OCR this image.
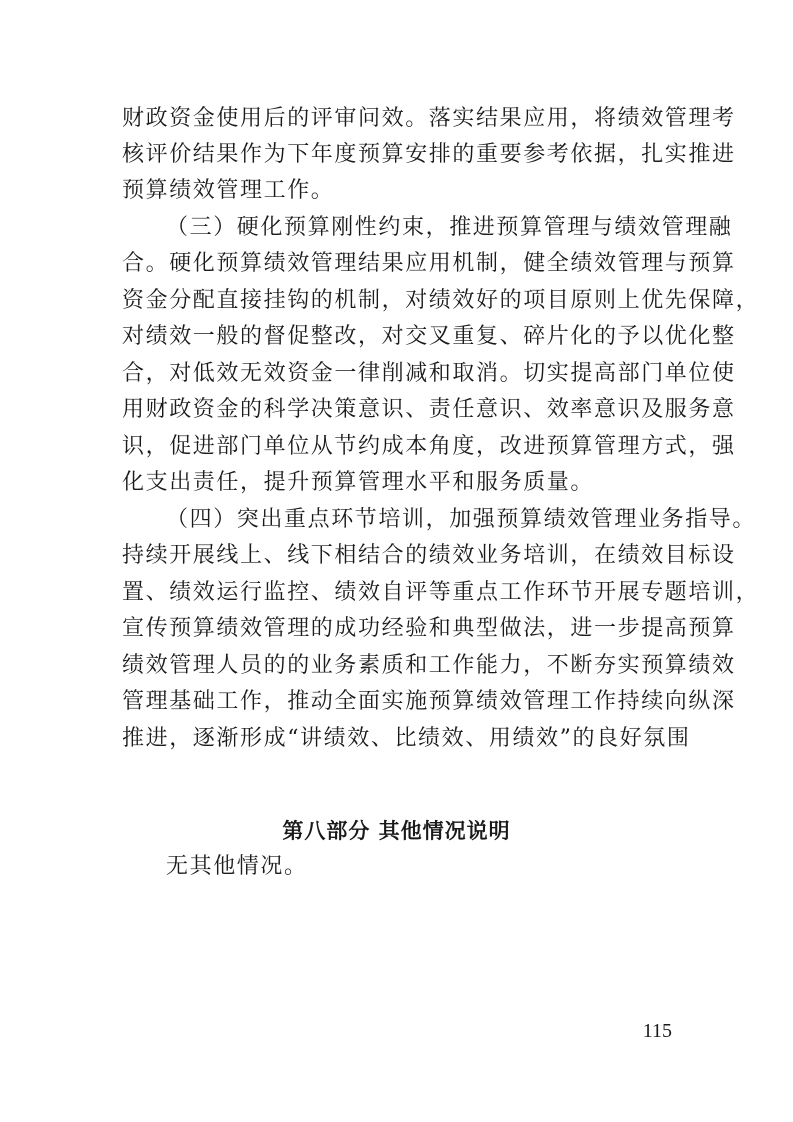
财政资金使用后的评审问效。落实结果应用，将绩效管理考
核评价结果作为下年度预算安排的重要参考依据，扎实推进
预算绩效管理工作。
（三）硬化预算刚性约束，推进预算管理与绩效管理融
合。硬化预算绩效管理结果应用机制，健全绩效管理与预算
资金分配直接挂钩的机制，对绩效好的项目原则上优先保障，
对绩效一般的督促整改，对交叉重复、碎片化的予以优化整
合，对低效无效资金一律削减和取消。切实提高部门单位使
用财政资金的科学决策意识、责任意识、效率意识及服务意
识，促进部门单位从节约成本角度，改进预算管理方式，强
化支出责任，提升预算管理水平和服务质量。
（四）突出重点环节培训，加强预算绩效管理业务指导。
持续开展线上、线下相结合的绩效业务培训，在绩效目标设
置、绩效运行监控、绩效自评等重点工作环节开展专题培训，
宣传预算绩效管理的成功经验和典型做法，进一步提高预算
绩效管理人员的的业务素质和工作能力，不断夯实预算绩效
管理基础工作，推动全面实施预算绩效管理工作持续向纵深
推进，逐渐形成“讲绩效、比绩效、用绩效”的良好氛围
第八部分 其他情况说明
无其他情况。
115
